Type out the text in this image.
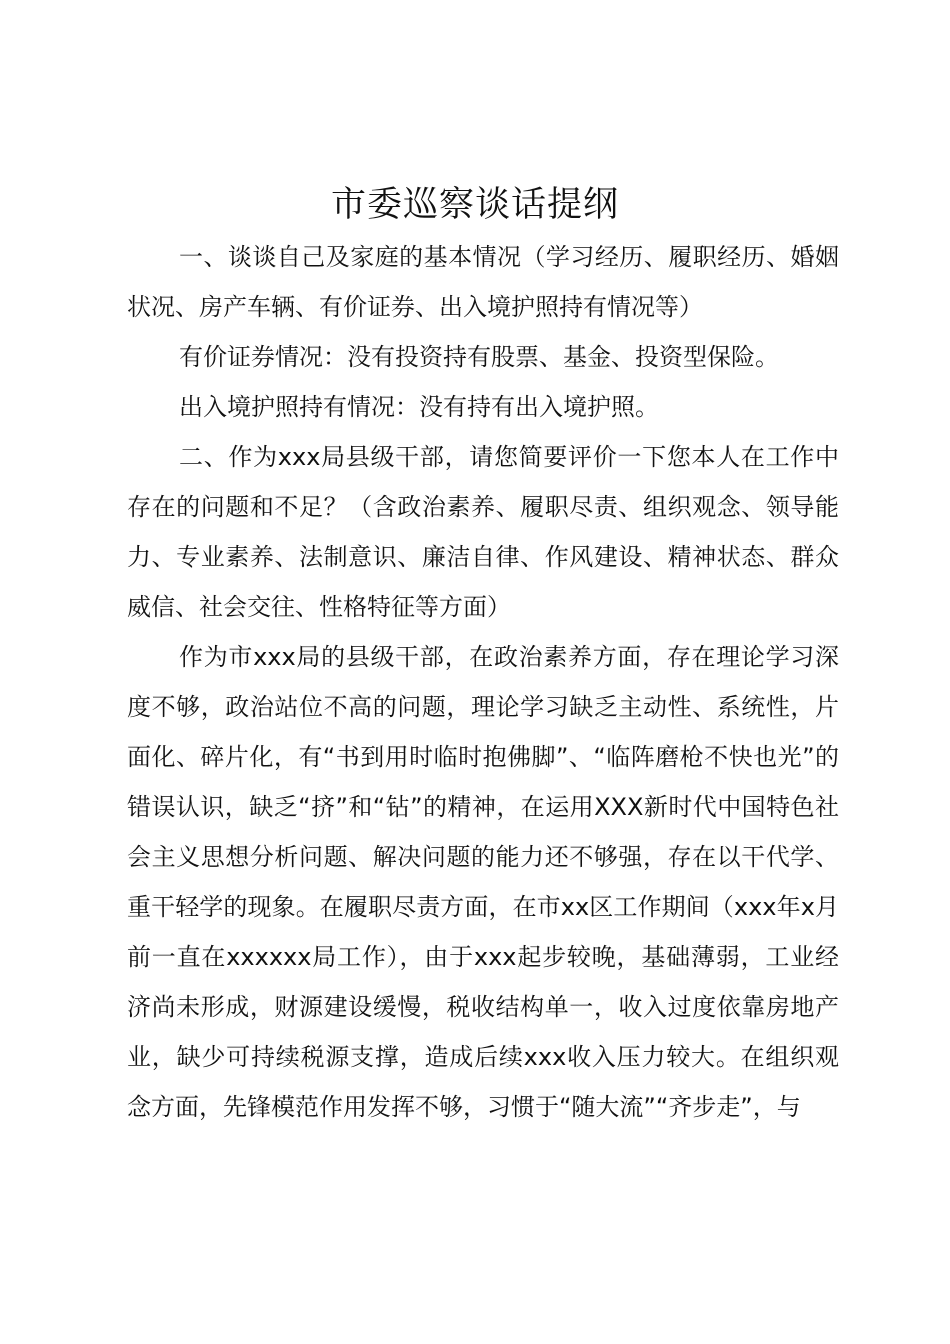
市委巡察谈话提纲

一、谈谈自己及家庭的基本情况（学习经历、履职经历、婚姻状况、房产车辆、有价证券、出入境护照持有情况等）

有价证券情况：没有投资持有股票、基金、投资型保险。

出入境护照持有情况：没有持有出入境护照。

二、作为xxx局县级干部，请您简要评价一下您本人在工作中存在的问题和不足？（含政治素养、履职尽责、组织观念、领导能力、专业素养、法制意识、廉洁自律、作风建设、精神状态、群众威信、社会交往、性格特征等方面）

作为市xxx局的县级干部，在政治素养方面，存在理论学习深度不够，政治站位不高的问题，理论学习缺乏主动性、系统性，片面化、碎片化，有“书到用时临时抱佛脚”、“临阵磨枪不快也光”的错误认识，缺乏“挤”和“钻”的精神，在运用XXX新时代中国特色社会主义思想分析问题、解决问题的能力还不够强，存在以干代学、重干轻学的现象。在履职尽责方面，在市xx区工作期间（xxx年x月前一直在xxxxxx局工作），由于xxx起步较晚，基础薄弱，工业经济尚未形成，财源建设缓慢，税收结构单一，收入过度依靠房地产业，缺少可持续税源支撑，造成后续xxx收入压力较大。在组织观念方面，先锋模范作用发挥不够，习惯于“随大流”“齐步走”，与
